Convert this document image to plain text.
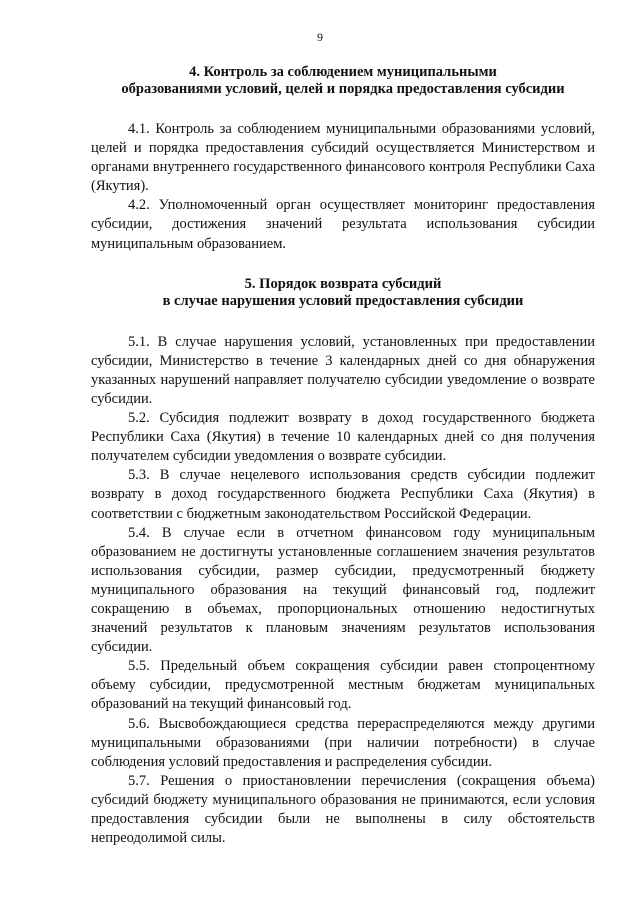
9
4. Контроль за соблюдением муниципальными
образованиями условий, целей и порядка предоставления субсидии

4.1. Контроль за соблюдением муниципальными образованиями условий, целей и порядка предоставления субсидий осуществляется Министерством и органами внутреннего государственного финансового контроля Республики Саха (Якутия).

4.2. Уполномоченный орган осуществляет мониторинг предоставления субсидии, достижения значений результата использования субсидии муниципальным образованием.

5. Порядок возврата субсидий
в случае нарушения условий предоставления субсидии

5.1. В случае нарушения условий, установленных при предоставлении субсидии, Министерство в течение 3 календарных дней со дня обнаружения указанных нарушений направляет получателю субсидии уведомление о возврате субсидии.

5.2. Субсидия подлежит возврату в доход государственного бюджета Республики Саха (Якутия) в течение 10 календарных дней со дня получения получателем субсидии уведомления о возврате субсидии.

5.3. В случае нецелевого использования средств субсидии подлежит возврату в доход государственного бюджета Республики Саха (Якутия) в соответствии с бюджетным законодательством Российской Федерации.

5.4. В случае если в отчетном финансовом году муниципальным образованием не достигнуты установленные соглашением значения результатов использования субсидии, размер субсидии, предусмотренный бюджету муниципального образования на текущий финансовый год, подлежит сокращению в объемах, пропорциональных отношению недостигнутых значений результатов к плановым значениям результатов использования субсидии.

5.5. Предельный объем сокращения субсидии равен стопроцентному объему субсидии, предусмотренной местным бюджетам муниципальных образований на текущий финансовый год.

5.6. Высвобождающиеся средства перераспределяются между другими муниципальными образованиями (при наличии потребности) в случае соблюдения условий предоставления и распределения субсидии.

5.7. Решения о приостановлении перечисления (сокращения объема) субсидий бюджету муниципального образования не принимаются, если условия предоставления субсидии были не выполнены в силу обстоятельств непреодолимой силы.
